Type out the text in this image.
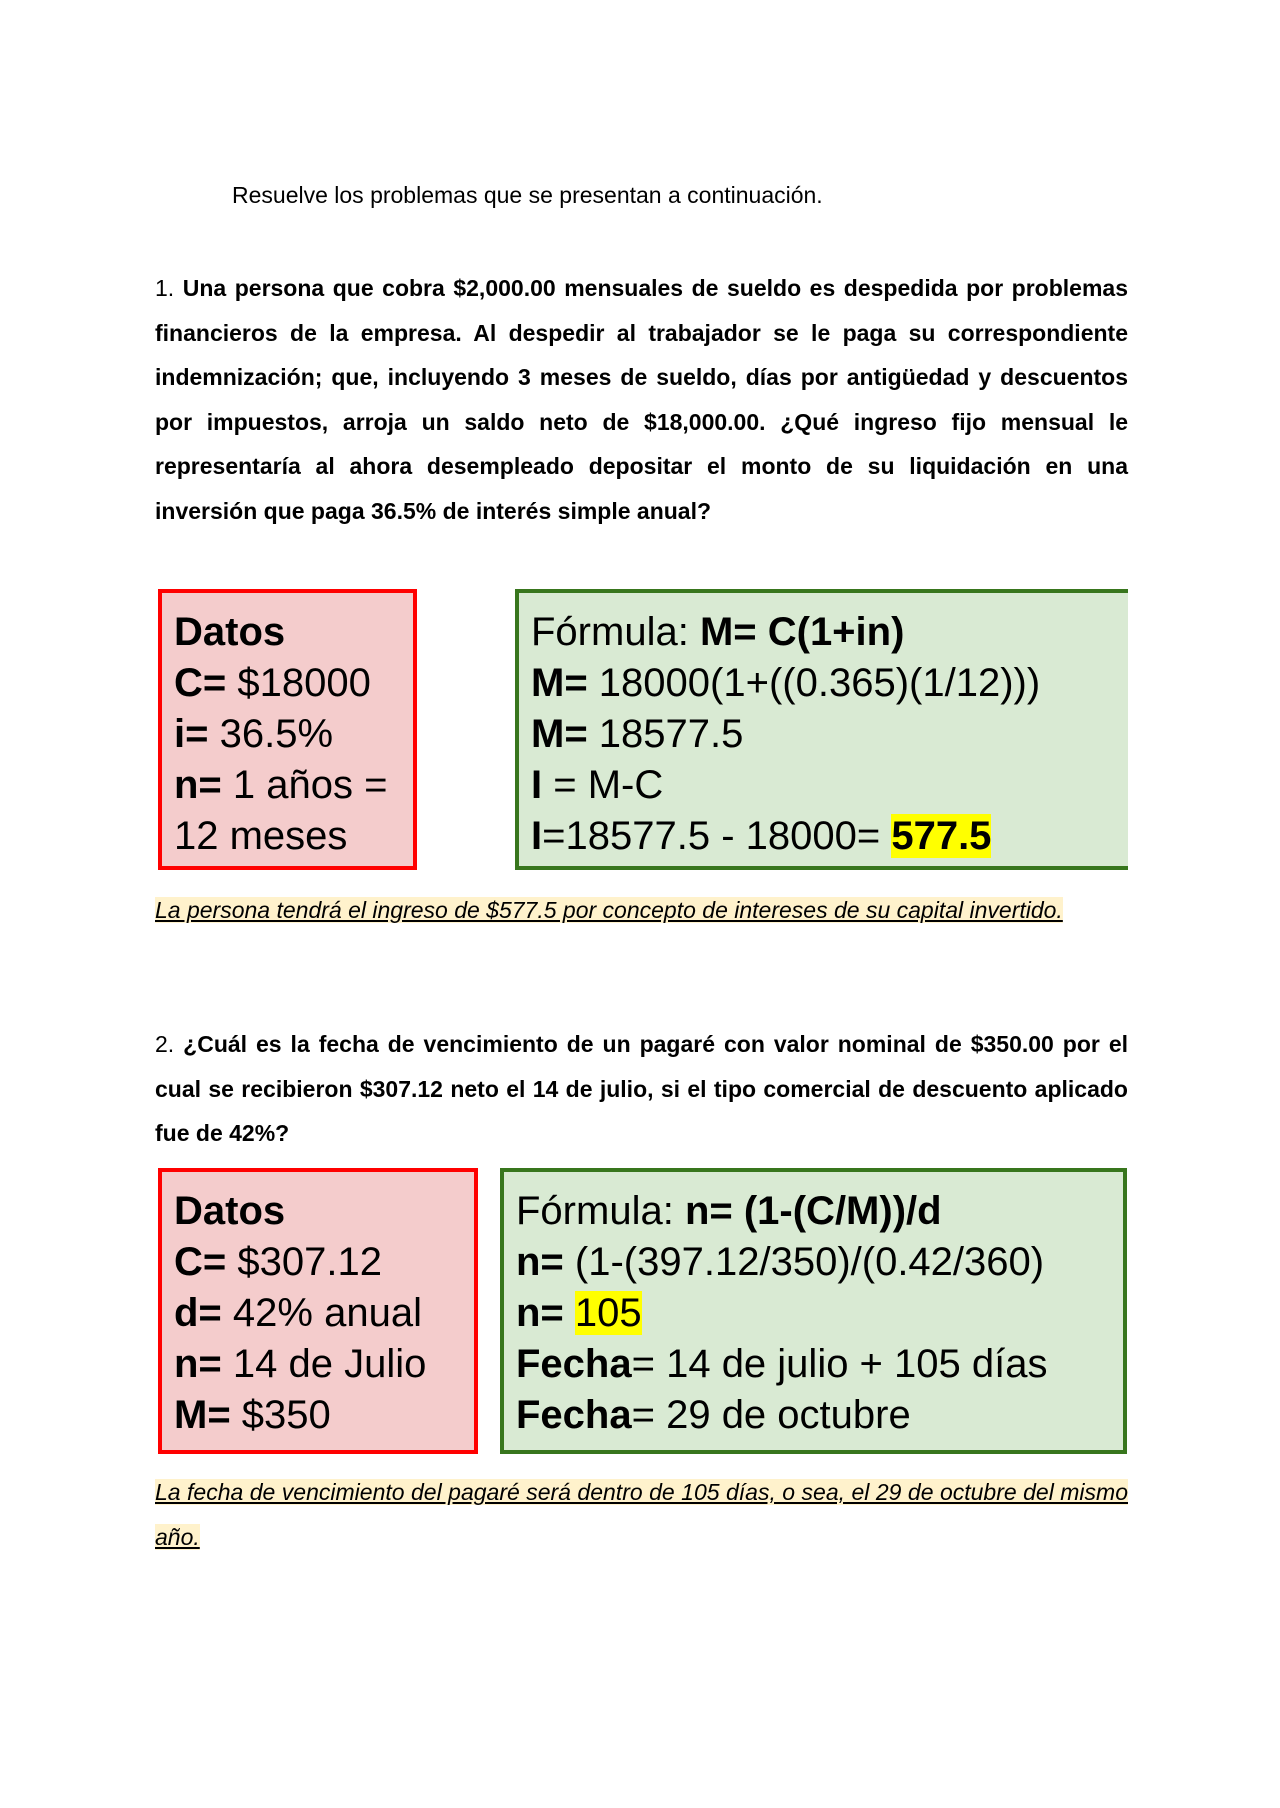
Resuelve los problemas que se presentan a continuación.
1. Una persona que cobra $2,000.00 mensuales de sueldo es despedida por problemas financieros de la empresa. Al despedir al trabajador se le paga su correspondiente indemnización; que, incluyendo 3 meses de sueldo, días por antigüedad y descuentos por impuestos, arroja un saldo neto de $18,000.00. ¿Qué ingreso fijo mensual le representaría al ahora desempleado depositar el monto de su liquidación en una inversión que paga 36.5% de interés simple anual?
Datos
C= $18000
i= 36.5%
n= 1 años =
12 meses
Fórmula: M= C(1+in)
M= 18000(1+((0.365)(1/12)))
M= 18577.5
I = M-C
I=18577.5 - 18000= 577.5
La persona tendrá el ingreso de $577.5 por concepto de intereses de su capital invertido.
2. ¿Cuál es la fecha de vencimiento de un pagaré con valor nominal de $350.00 por el cual se recibieron $307.12 neto el 14 de julio, si el tipo comercial de descuento aplicado fue de 42%?
Datos
C= $307.12
d= 42% anual
n= 14 de Julio
M= $350
Fórmula: n= (1-(C/M))/d
n= (1-(397.12/350)/(0.42/360)
n= 105
Fecha= 14 de julio + 105 días
Fecha= 29 de octubre
La fecha de vencimiento del pagaré será dentro de 105 días, o sea, el 29 de octubre del mismo año.
